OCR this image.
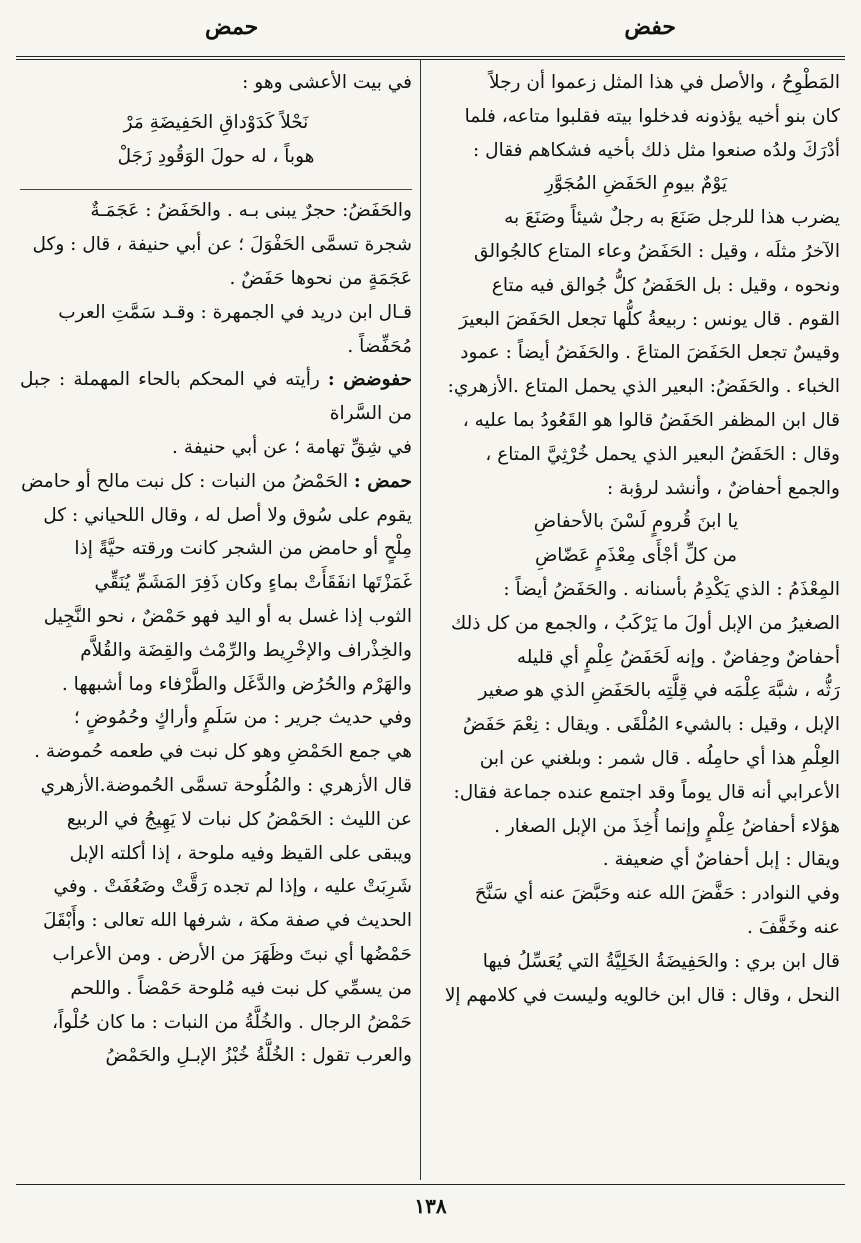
حفض
حمض

المَطْوِحُ ، والأصل في هذا المثل زعموا أن رجلاً
كان بنو أخيه يؤذونه فدخلوا بيته فقلبوا متاعه، فلما
أدْرَكَ ولدُه صنعوا مثل ذلك بأخيه فشكاهم فقال :

يَوْمٌ بيومِ الحَفَضِ المُجَوَّرِ

يضرب هذا للرجل صَنَعَ به رجلٌ شيئاً وصَنَعَ به
الآخرُ مثلَه ، وقيل : الحَفَضُ وعاء المتاع كالجُوالق
ونحوه ، وقيل : بل الحَفَضُ كلُّ جُوالق فيه متاع
القوم . قال يونس : ربيعةُ كلُّها تجعل الحَفَضَ البعيرَ
وقيسٌ تجعل الحَفَضَ المتاعَ . والحَفَضُ أيضاً : عمود
الخباء . والحَفَضُ: البعير الذي يحمل المتاع .الأزهري:
قال ابن المظفر الحَفَضُ قالوا هو القَعُودُ بما عليه ،
وقال : الحَفَضُ البعير الذي يحمل خُرْثِيَّ المتاع ،
والجمع أحفاضٌ ، وأنشد لرؤبة :

يا ابنَ قُرومٍ لَسْنَ بالأحفاضِ
من كلِّ أجْأَى مِعْذَمٍ عَضّاضِ

المِعْذَمُ : الذي يَكْدِمُ بأسنانه . والحَفَضُ أيضاً :
الصغيرُ من الإبل أولَ ما يَرْكَبُ ، والجمع من كل ذلك
أحفاضٌ وحِفاضٌ . وإنه لَحَفَضُ عِلْمٍ أي قليله
رَثُّه ، شبَّهَ عِلْمَه في قِلَّتِه بالحَفَضِ الذي هو صغير
الإبل ، وقيل : بالشيء المُلْقَى . ويقال : نِعْمَ حَفَضُ
العِلْمِ هذا أي حامِلُه . قال شمر : وبلغني عن ابن
الأعرابي أنه قال يوماً وقد اجتمع عنده جماعة فقال:
هؤلاء أحفاضُ عِلْمٍ وإنما أُخِذَ من الإبل الصغار .
ويقال : إبل أحفاضٌ أي ضعيفة .

وفي النوادر : حَفَّضَ الله عنه وحَبَّضَ عنه أي سَنَّحَ
عنه وخَفَّفَ .

قال ابن بري : والحَفِيضَةُ الخَلِيَّةُ التي يُعَسِّلُ فيها
النحل ، وقال : قال ابن خالويه وليست في كلامهم إلا

في بيت الأعشى وهو :

نَحْلاً كَدَوْداقِ الحَفِيضَةِ مَرْ
هوباً ، له حولَ الوَقُودِ زَجَلْ

والحَفَضُ: حجرٌ يبنى بـه . والحَفَضُ : عَجَمَـةٌ
شجرة تسمَّى الحَفْوَلَ ؛ عن أبي حنيفة ، قال : وكل
عَجَمَةٍ من نحوها حَفَضٌ .

قـال ابن دريد في الجمهرة : وقـد سَمَّتِ العرب
مُحَفِّضاً .

حفوضض : رأيته في المحكم بالحاء المهملة : جبل من السَّراة
في شِقِّ تهامة ؛ عن أبي حنيفة .

حمض : الحَمْضُ من النبات : كل نبت مالح أو حامض
يقوم على سُوق ولا أصل له ، وقال اللحياني : كل
مِلْحٍ أو حامض من الشجر كانت ورقته حيَّةً إذا
غَمَزْتَها انفَقَأَتْ بماءٍ وكان ذَفِرَ المَشَمِّ يُنَقِّي
الثوب إذا غسل به أو اليد فهو حَمْضٌ ، نحو النَّجِيل
والخِذْراف والإخْرِيط والرِّمْث والقِضَة والقُلاَّم
والهَرْم والحُرُض والدَّغَل والطَّرْفاء وما أشبهها .
وفي حديث جرير : من سَلَمٍ وأراكٍ وحُمُوضٍ ؛
هي جمع الحَمْضِ وهو كل نبت في طعمه حُموضة .
قال الأزهري : والمُلُوحة تسمَّى الحُموضة.الأزهري
عن الليث : الحَمْضُ كل نبات لا يَهِيجُ في الربيع
ويبقى على القيظ وفيه ملوحة ، إذا أكلته الإبل
شَرِبَتْ عليه ، وإذا لم تجده رَقَّتْ وضَعُفَتْ . وفي
الحديث في صفة مكة ، شرفها الله تعالى : وأَبْقَلَ
حَمْضُها أي نبتَ وظَهَرَ من الأرض . ومن الأعراب
من يسمِّي كل نبت فيه مُلوحة حَمْضاً . واللحم
حَمْضُ الرجال . والخُلَّةُ من النبات : ما كان حُلْواً،
والعرب تقول : الخُلَّةُ خُبْزُ الإبـلِ والحَمْضُ

١٣٨
